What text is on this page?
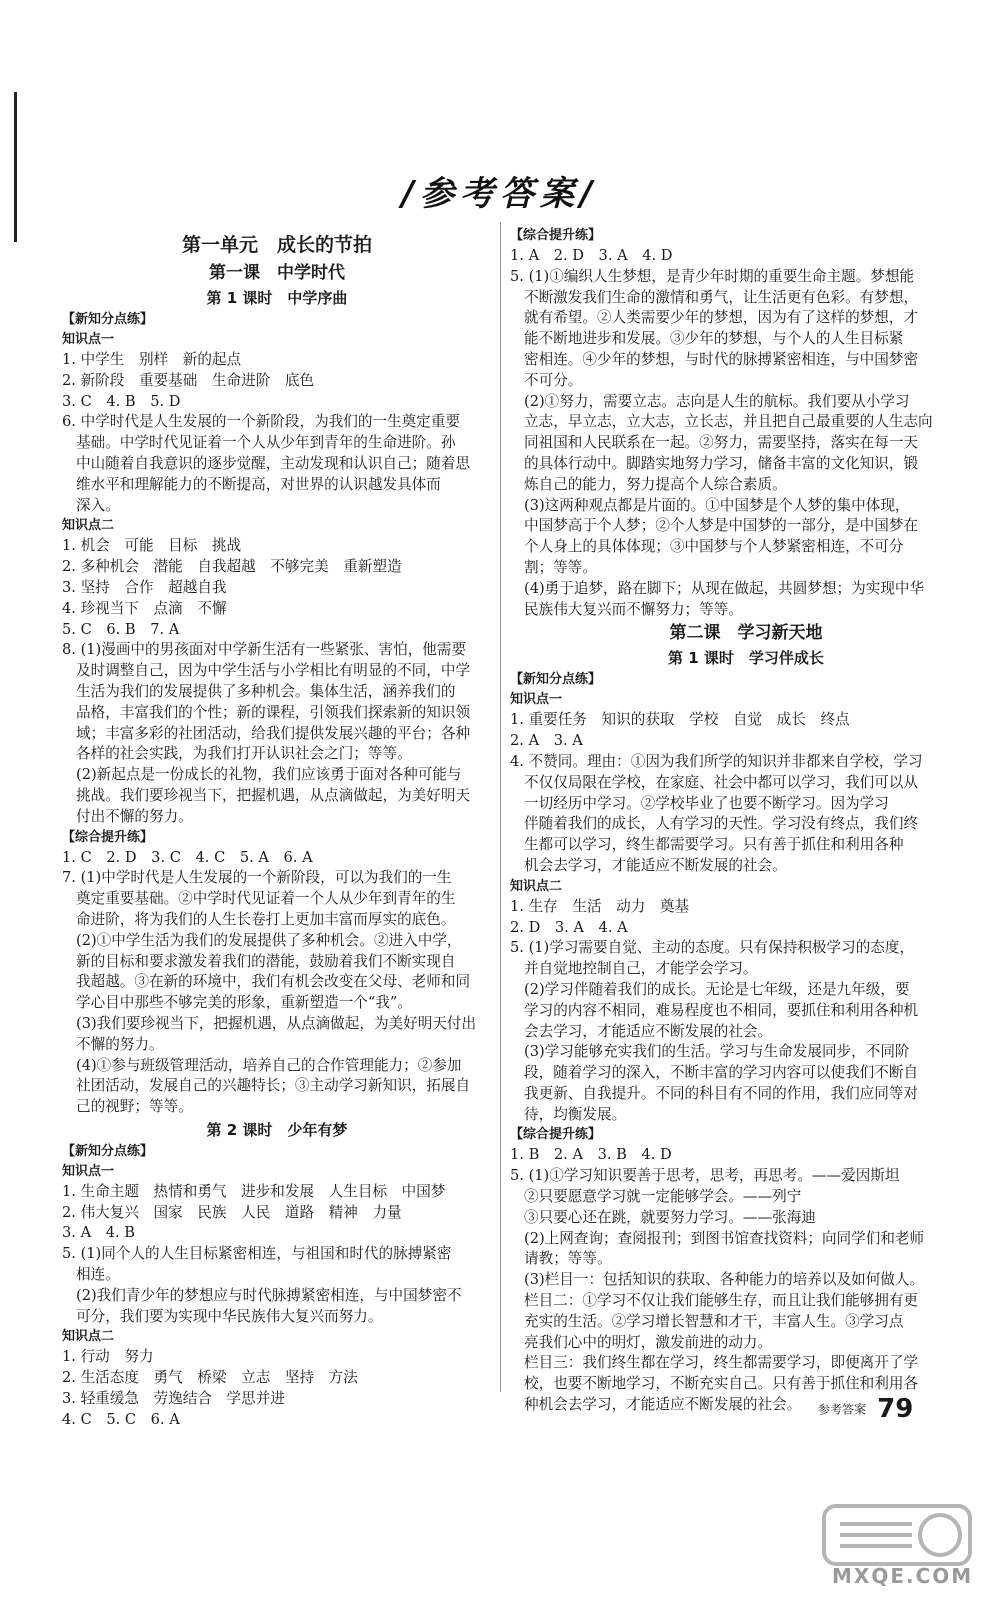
/参考答案/
第一单元　成长的节拍
第一课　中学时代
第 1 课时　中学序曲
【新知分点练】
知识点一
1. 中学生　别样　新的起点
2. 新阶段　重要基础　生命进阶　底色
3. C　4. B　5. D
6. 中学时代是人生发展的一个新阶段，为我们的一生奠定重要
基础。中学时代见证着一个人从少年到青年的生命进阶。孙
中山随着自我意识的逐步觉醒，主动发现和认识自己；随着思
维水平和理解能力的不断提高，对世界的认识越发具体而
深入。
知识点二
1. 机会　可能　目标　挑战
2. 多种机会　潜能　自我超越　不够完美　重新塑造
3. 坚持　合作　超越自我
4. 珍视当下　点滴　不懈
5. C　6. B　7. A
8. (1)漫画中的男孩面对中学新生活有一些紧张、害怕，他需要
及时调整自己，因为中学生活与小学相比有明显的不同，中学
生活为我们的发展提供了多种机会。集体生活，涵养我们的
品格，丰富我们的个性；新的课程，引领我们探索新的知识领
域；丰富多彩的社团活动，给我们提供发展兴趣的平台；各种
各样的社会实践，为我们打开认识社会之门；等等。
(2)新起点是一份成长的礼物，我们应该勇于面对各种可能与
挑战。我们要珍视当下，把握机遇，从点滴做起，为美好明天
付出不懈的努力。
【综合提升练】
1. C　2. D　3. C　4. C　5. A　6. A
7. (1)中学时代是人生发展的一个新阶段，可以为我们的一生
奠定重要基础。②中学时代见证着一个人从少年到青年的生
命进阶，将为我们的人生长卷打上更加丰富而厚实的底色。
(2)①中学生活为我们的发展提供了多种机会。②进入中学，
新的目标和要求激发着我们的潜能，鼓励着我们不断实现自
我超越。③在新的环境中，我们有机会改变在父母、老师和同
学心目中那些不够完美的形象，重新塑造一个“我”。
(3)我们要珍视当下，把握机遇，从点滴做起，为美好明天付出
不懈的努力。
(4)①参与班级管理活动，培养自己的合作管理能力；②参加
社团活动，发展自己的兴趣特长；③主动学习新知识，拓展自
己的视野；等等。
第 2 课时　少年有梦
【新知分点练】
知识点一
1. 生命主题　热情和勇气　进步和发展　人生目标　中国梦
2. 伟大复兴　国家　民族　人民　道路　精神　力量
3. A　4. B
5. (1)同个人的人生目标紧密相连，与祖国和时代的脉搏紧密
相连。
(2)我们青少年的梦想应与时代脉搏紧密相连，与中国梦密不
可分，我们要为实现中华民族伟大复兴而努力。
知识点二
1. 行动　努力
2. 生活态度　勇气　桥梁　立志　坚持　方法
3. 轻重缓急　劳逸结合　学思并进
4. C　5. C　6. A
【综合提升练】
1. A　2. D　3. A　4. D
5. (1)①编织人生梦想，是青少年时期的重要生命主题。梦想能
不断激发我们生命的激情和勇气，让生活更有色彩。有梦想，
就有希望。②人类需要少年的梦想，因为有了这样的梦想，才
能不断地进步和发展。③少年的梦想，与个人的人生目标紧
密相连。④少年的梦想，与时代的脉搏紧密相连，与中国梦密
不可分。
(2)①努力，需要立志。志向是人生的航标。我们要从小学习
立志，早立志，立大志，立长志，并且把自己最重要的人生志向
同祖国和人民联系在一起。②努力，需要坚持，落实在每一天
的具体行动中。脚踏实地努力学习，储备丰富的文化知识，锻
炼自己的能力，努力提高个人综合素质。
(3)这两种观点都是片面的。①中国梦是个人梦的集中体现，
中国梦高于个人梦；②个人梦是中国梦的一部分，是中国梦在
个人身上的具体体现；③中国梦与个人梦紧密相连，不可分
割；等等。
(4)勇于追梦，路在脚下；从现在做起，共圆梦想；为实现中华
民族伟大复兴而不懈努力；等等。
第二课　学习新天地
第 1 课时　学习伴成长
【新知分点练】
知识点一
1. 重要任务　知识的获取　学校　自觉　成长　终点
2. A　3. A
4. 不赞同。理由：①因为我们所学的知识并非都来自学校，学习
不仅仅局限在学校，在家庭、社会中都可以学习，我们可以从
一切经历中学习。②学校毕业了也要不断学习。因为学习
伴随着我们的成长，人有学习的天性。学习没有终点，我们终
生都可以学习，终生都需要学习。只有善于抓住和利用各种
机会去学习，才能适应不断发展的社会。
知识点二
1. 生存　生活　动力　奠基
2. D　3. A　4. A
5. (1)学习需要自觉、主动的态度。只有保持积极学习的态度，
并自觉地控制自己，才能学会学习。
(2)学习伴随着我们的成长。无论是七年级，还是九年级，要
学习的内容不相同，难易程度也不相同，要抓住和利用各种机
会去学习，才能适应不断发展的社会。
(3)学习能够充实我们的生活。学习与生命发展同步，不同阶
段，随着学习的深入，不断丰富的学习内容可以使我们不断自
我更新、自我提升。不同的科目有不同的作用，我们应同等对
待，均衡发展。
【综合提升练】
1. B　2. A　3. B　4. D
5. (1)①学习知识要善于思考，思考，再思考。——爱因斯坦
②只要愿意学习就一定能够学会。——列宁
③只要心还在跳，就要努力学习。——张海迪
(2)上网查询；查阅报刊；到图书馆查找资料；向同学们和老师
请教；等等。
(3)栏目一：包括知识的获取、各种能力的培养以及如何做人。
栏目二：①学习不仅让我们能够生存，而且让我们能够拥有更
充实的生活。②学习增长智慧和才干，丰富人生。③学习点
亮我们心中的明灯，激发前进的动力。
栏目三：我们终生都在学习，终生都需要学习，即便离开了学
校，也要不断地学习，不断充实自己。只有善于抓住和利用各
种机会去学习，才能适应不断发展的社会。	参考答案 79
MXQE.COM
